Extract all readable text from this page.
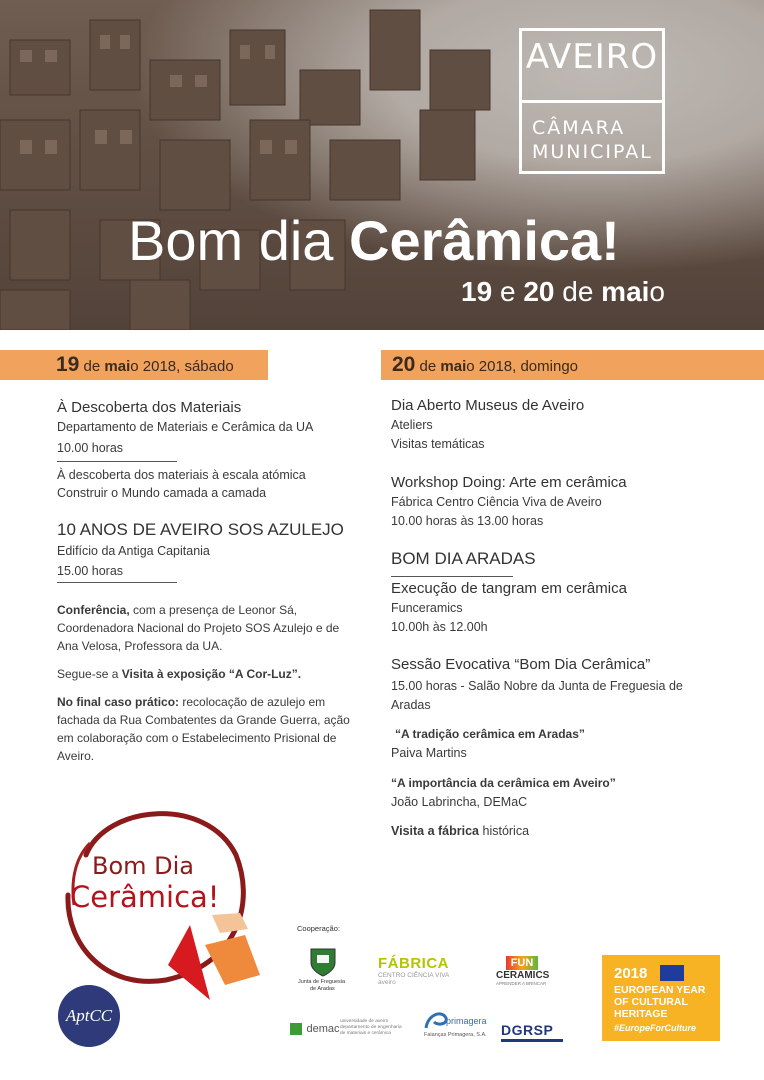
AVEIRO
CÂMARA
MUNICIPAL
Bom dia Cerâmica!
19 e 20 de maio
19 de maio 2018, sábado	20 de maio 2018, domingo
À Descoberta dos Materiais
Departamento de Materiais e Cerâmica da UA
10.00 horas
À descoberta dos materiais à escala atómica
Construir o Mundo camada a camada
10 ANOS DE AVEIRO SOS AZULEJO
Edifício da Antiga Capitania
15.00 horas
Conferência, com a presença de Leonor Sá, Coordenadora Nacional do Projeto SOS Azulejo e de Ana Velosa, Professora da UA.
Segue-se a Visita à exposição “A Cor-Luz”.
No final caso prático: recolocação de azulejo em fachada da Rua Combatentes da Grande Guerra, ação em colaboração com o Estabelecimento Prisional de Aveiro.
Dia Aberto Museus de Aveiro
Ateliers
Visitas temáticas
Workshop Doing: Arte em cerâmica
Fábrica Centro Ciência Viva de Aveiro
10.00 horas às 13.00 horas
BOM DIA ARADAS
Execução de tangram em cerâmica
Funceramics
10.00h às 12.00h
Sessão Evocativa “Bom Dia Cerâmica”
15.00 horas - Salão Nobre da Junta de Freguesia de
Aradas
“A tradição cerâmica em Aradas”
Paiva Martins
“A importância da cerâmica em Aveiro”
João Labrincha, DEMaC
Visita a fábrica histórica
Bom Dia
Cerâmica!
AptCC
Cooperação:
Junta de Freguesia
de Aradas
FÁBRICA
CENTRO CIÊNCIA VIVA
aveiro
FUN
CERAMICS
APRENDER A BRINCAR
demac
universidade de aveiro
departamento de engenharia
de materiais e cerâmica
primagera
Faianças Primagera, S.A. DGRSP
2018
EUROPEAN YEAR
OF CULTURAL
HERITAGE
#EuropeForCulture
